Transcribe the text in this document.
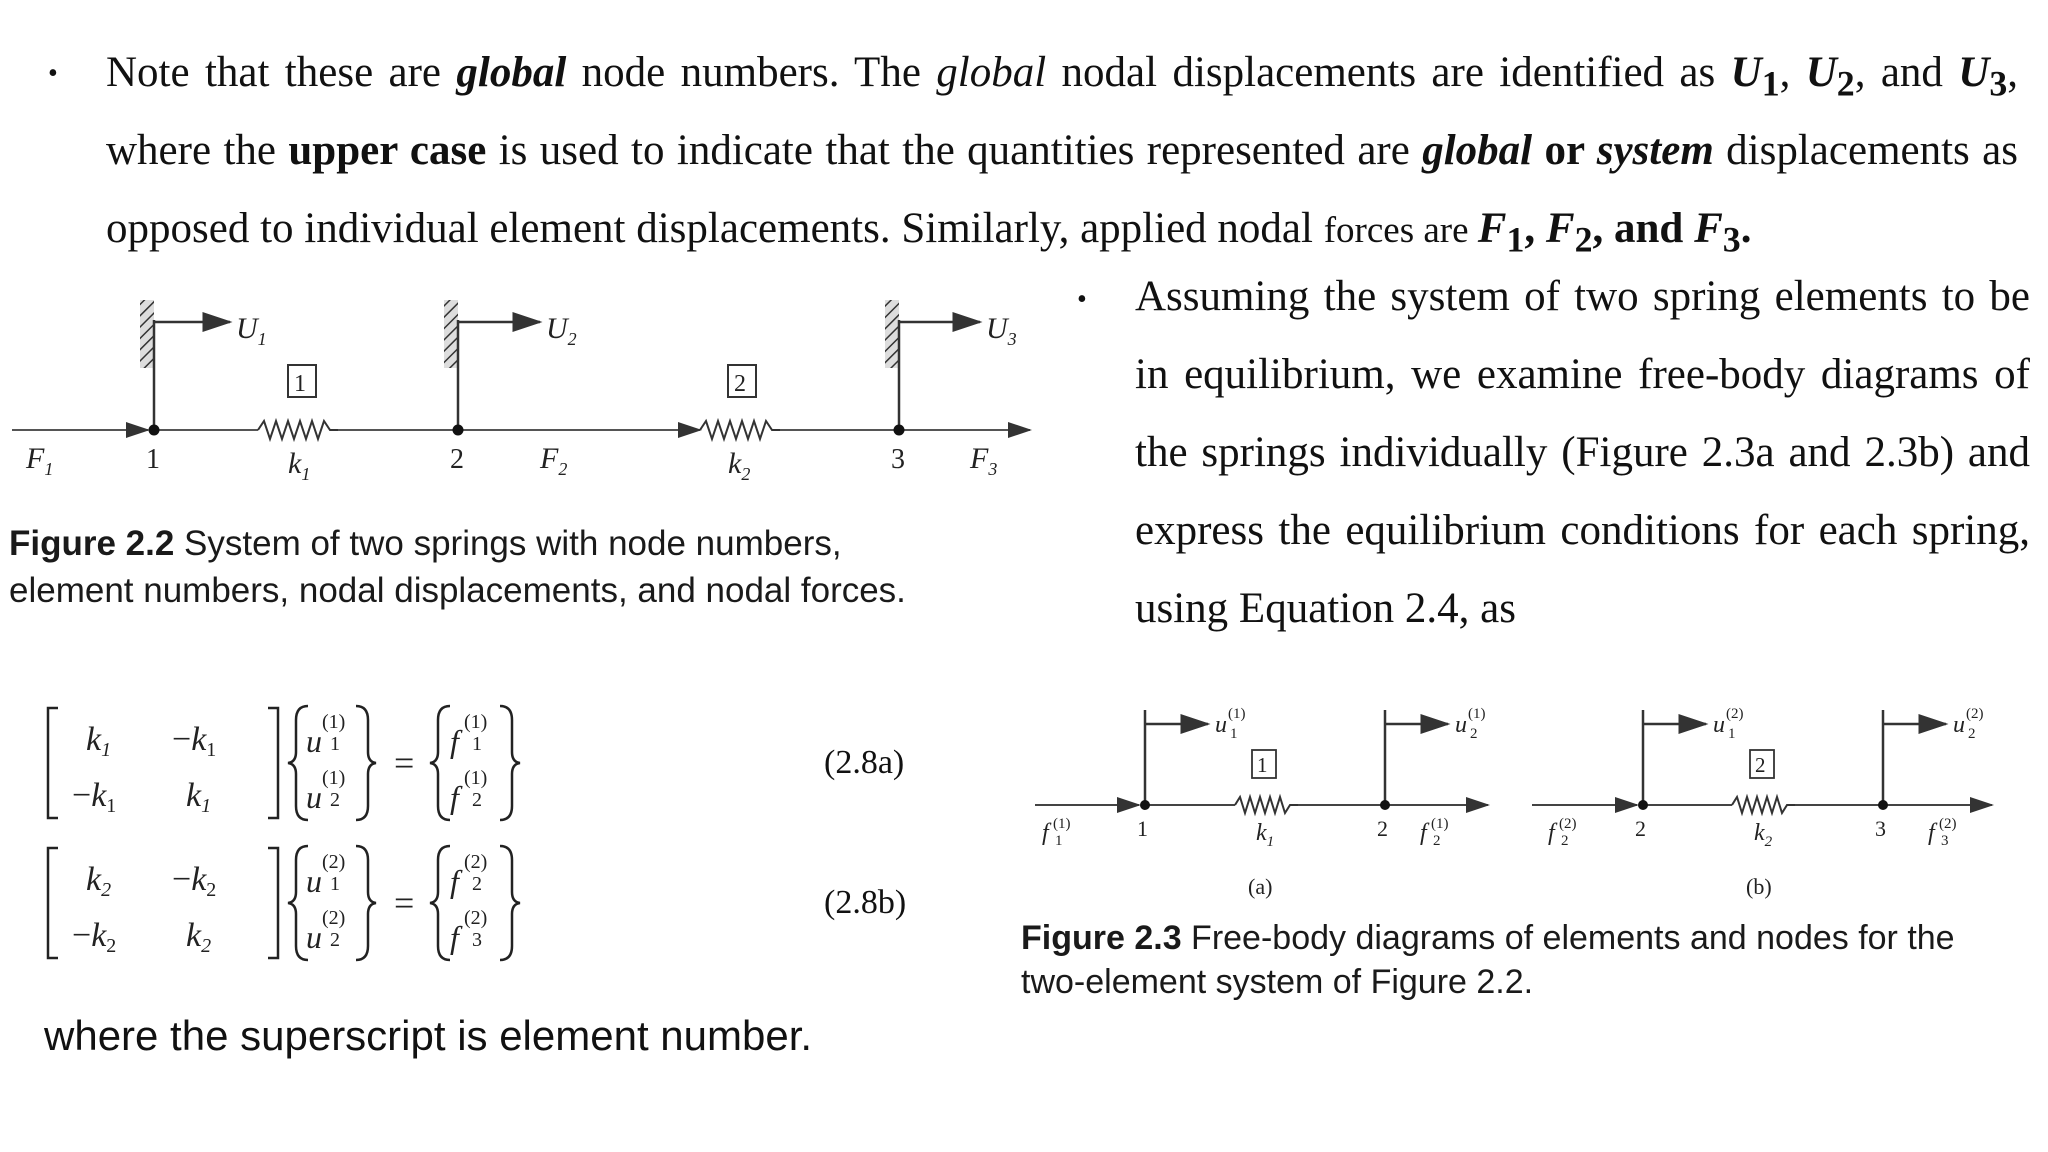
• Note that these are global node numbers. The global nodal displacements are identified as $U_1$, $U_2$, and $U_3$,
where the upper case is used to indicate that the quantities represented are global or system displacements as
opposed to individual element displacements. Similarly, applied nodal forces are $F_1$, $F_2$, and $F_3$.
• Assuming the system of two spring elements to be
in equilibrium, we examine free-body diagrams of
the springs individually (Figure 2.3a and 2.3b) and
express the equilibrium conditions for each spring,
using Equation 2.4, as
$U_1$	$U_2$	$U_3$
1	2
$F_1$	1	$k_1$	2	$F_2$	$k_2$	3 $F_3$
Figure 2.2 System of two springs with node numbers,
element numbers, nodal displacements, and nodal forces.
k1 −k1
−k1 k1
u
(1)
1
u
(1)
2
=
f
(1)
1
f
(1)
2
(2.8a)
k2 −k2
−k2 k2
u
(2)
1
u
(2)
2
=
f
(2)
2
f
(2)
3
(2.8b)
u (1)
1	u (1)
2
1
f (1)
1	1	$k_1$
2 f (1)
2
(a)
u (2)
1	u (2)
2
2
f (2)
2	2	$k_2$
3 f (2)
3
(b)
Figure 2.3 Free-body diagrams of elements and nodes for the
two-element system of Figure 2.2.
where the superscript is element number.
